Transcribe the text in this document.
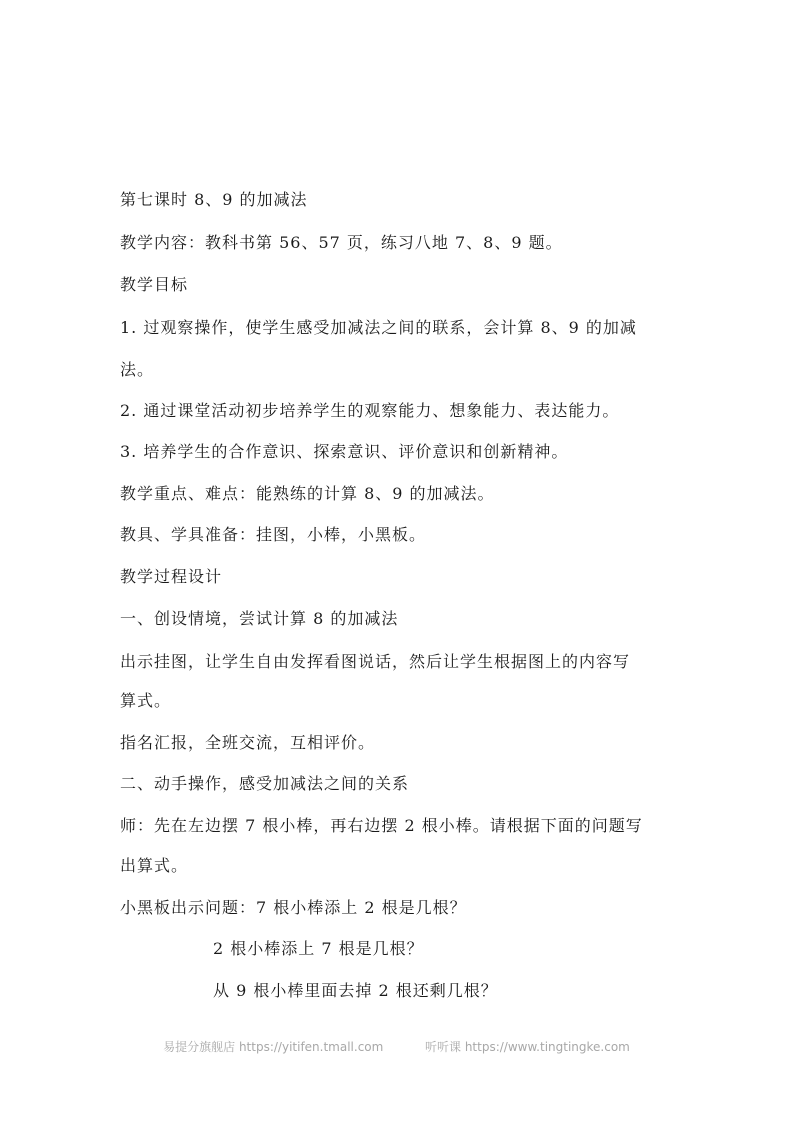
第七课时 8、9 的加减法
教学内容：教科书第 56、57 页，练习八地 7、8、9 题。
教学目标
1. 过观察操作，使学生感受加减法之间的联系，会计算 8、9 的加减
法。
2. 通过课堂活动初步培养学生的观察能力、想象能力、表达能力。
3. 培养学生的合作意识、探索意识、评价意识和创新精神。
教学重点、难点：能熟练的计算 8、9 的加减法。
教具、学具准备：挂图，小棒，小黑板。
教学过程设计
一、创设情境，尝试计算 8 的加减法
出示挂图，让学生自由发挥看图说话，然后让学生根据图上的内容写
算式。
指名汇报，全班交流，互相评价。
二、动手操作，感受加减法之间的关系
师：先在左边摆 7 根小棒，再右边摆 2 根小棒。请根据下面的问题写
出算式。
小黑板出示问题：7 根小棒添上 2 根是几根？
2 根小棒添上 7 根是几根？
从 9 根小棒里面去掉 2 根还剩几根？
易提分旗舰店 https://yitifen.tmall.com	听听课 https://www.tingtingke.com
